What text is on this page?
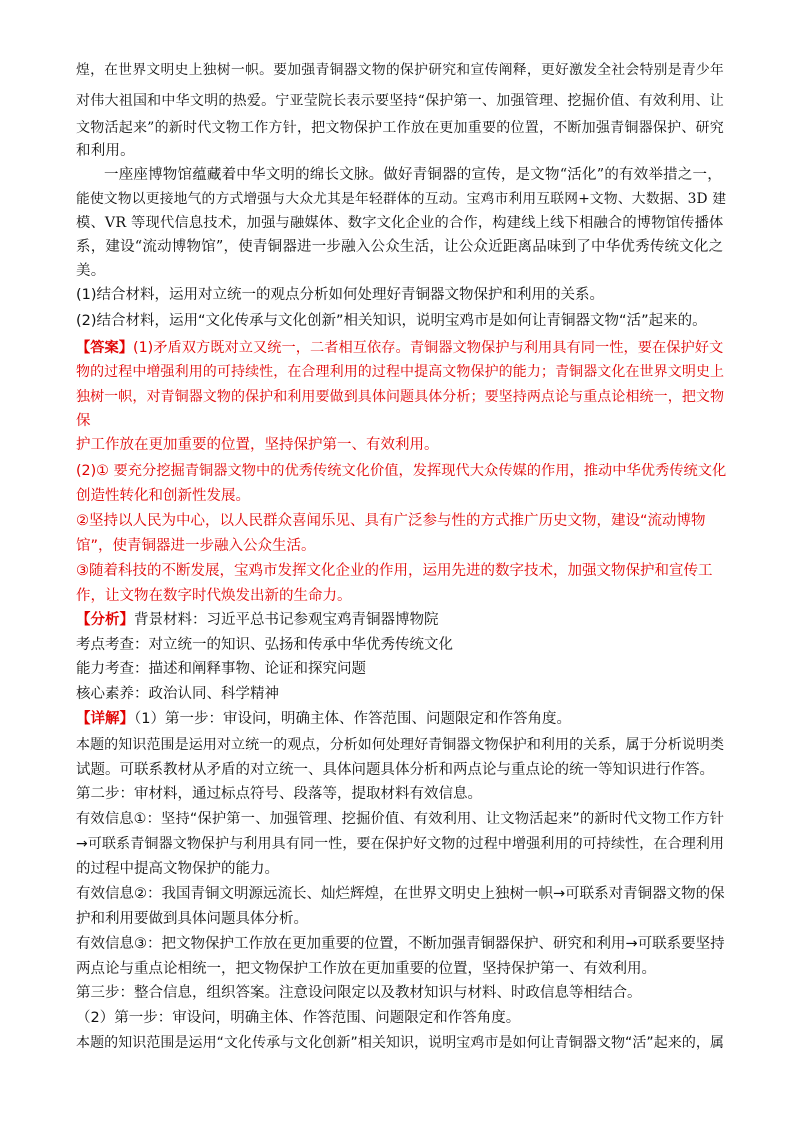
煌，在世界文明史上独树一帜。要加强青铜器文物的保护研究和宣传阐释，更好激发全社会特别是青少年
对伟大祖国和中华文明的热爱。宁亚莹院长表示要坚持“保护第一、加强管理、挖掘价值、有效利用、让
文物活起来”的新时代文物工作方针，把文物保护工作放在更加重要的位置，不断加强青铜器保护、研究
和利用。
一座座博物馆蕴藏着中华文明的绵长文脉。做好青铜器的宣传，是文物“活化”的有效举措之一，
能使文物以更接地气的方式增强与大众尤其是年轻群体的互动。宝鸡市利用互联网+文物、大数据、3D 建
模、VR 等现代信息技术，加强与融媒体、数字文化企业的合作，构建线上线下相融合的博物馆传播体
系，建设“流动博物馆”，使青铜器进一步融入公众生活，让公众近距离品味到了中华优秀传统文化之
美。
(1)结合材料，运用对立统一的观点分析如何处理好青铜器文物保护和利用的关系。
(2)结合材料，运用“文化传承与文化创新”相关知识，说明宝鸡市是如何让青铜器文物“活”起来的。
【答案】(1)矛盾双方既对立又统一，二者相互依存。青铜器文物保护与利用具有同一性，要在保护好文
物的过程中增强利用的可持续性，在合理利用的过程中提高文物保护的能力；青铜器文化在世界文明史上
独树一帜，对青铜器文物的保护和利用要做到具体问题具体分析；要坚持两点论与重点论相统一，把文物
保
护工作放在更加重要的位置，坚持保护第一、有效利用。
(2)① 要充分挖掘青铜器文物中的优秀传统文化价值，发挥现代大众传媒的作用，推动中华优秀传统文化
创造性转化和创新性发展。
②坚持以人民为中心，以人民群众喜闻乐见、具有广泛参与性的方式推广历史文物，建设“流动博物
馆”，使青铜器进一步融入公众生活。
③随着科技的不断发展，宝鸡市发挥文化企业的作用，运用先进的数字技术，加强文物保护和宣传工
作，让文物在数字时代焕发出新的生命力。
【分析】背景材料：习近平总书记参观宝鸡青铜器博物院
考点考查：对立统一的知识、弘扬和传承中华优秀传统文化
能力考查：描述和阐释事物、论证和探究问题
核心素养：政治认同、科学精神
【详解】（1）第一步：审设问，明确主体、作答范围、问题限定和作答角度。
本题的知识范围是运用对立统一的观点，分析如何处理好青铜器文物保护和利用的关系，属于分析说明类
试题。可联系教材从矛盾的对立统一、具体问题具体分析和两点论与重点论的统一等知识进行作答。
第二步：审材料，通过标点符号、段落等，提取材料有效信息。
有效信息①：坚持“保护第一、加强管理、挖掘价值、有效利用、让文物活起来”的新时代文物工作方针
→可联系青铜器文物保护与利用具有同一性，要在保护好文物的过程中增强利用的可持续性，在合理利用
的过程中提高文物保护的能力。
有效信息②：我国青铜文明源远流长、灿烂辉煌，在世界文明史上独树一帜→可联系对青铜器文物的保
护和利用要做到具体问题具体分析。
有效信息③：把文物保护工作放在更加重要的位置，不断加强青铜器保护、研究和利用→可联系要坚持
两点论与重点论相统一，把文物保护工作放在更加重要的位置，坚持保护第一、有效利用。
第三步：整合信息，组织答案。注意设问限定以及教材知识与材料、时政信息等相结合。
（2）第一步：审设问，明确主体、作答范围、问题限定和作答角度。
本题的知识范围是运用“文化传承与文化创新”相关知识，说明宝鸡市是如何让青铜器文物“活”起来的，属
